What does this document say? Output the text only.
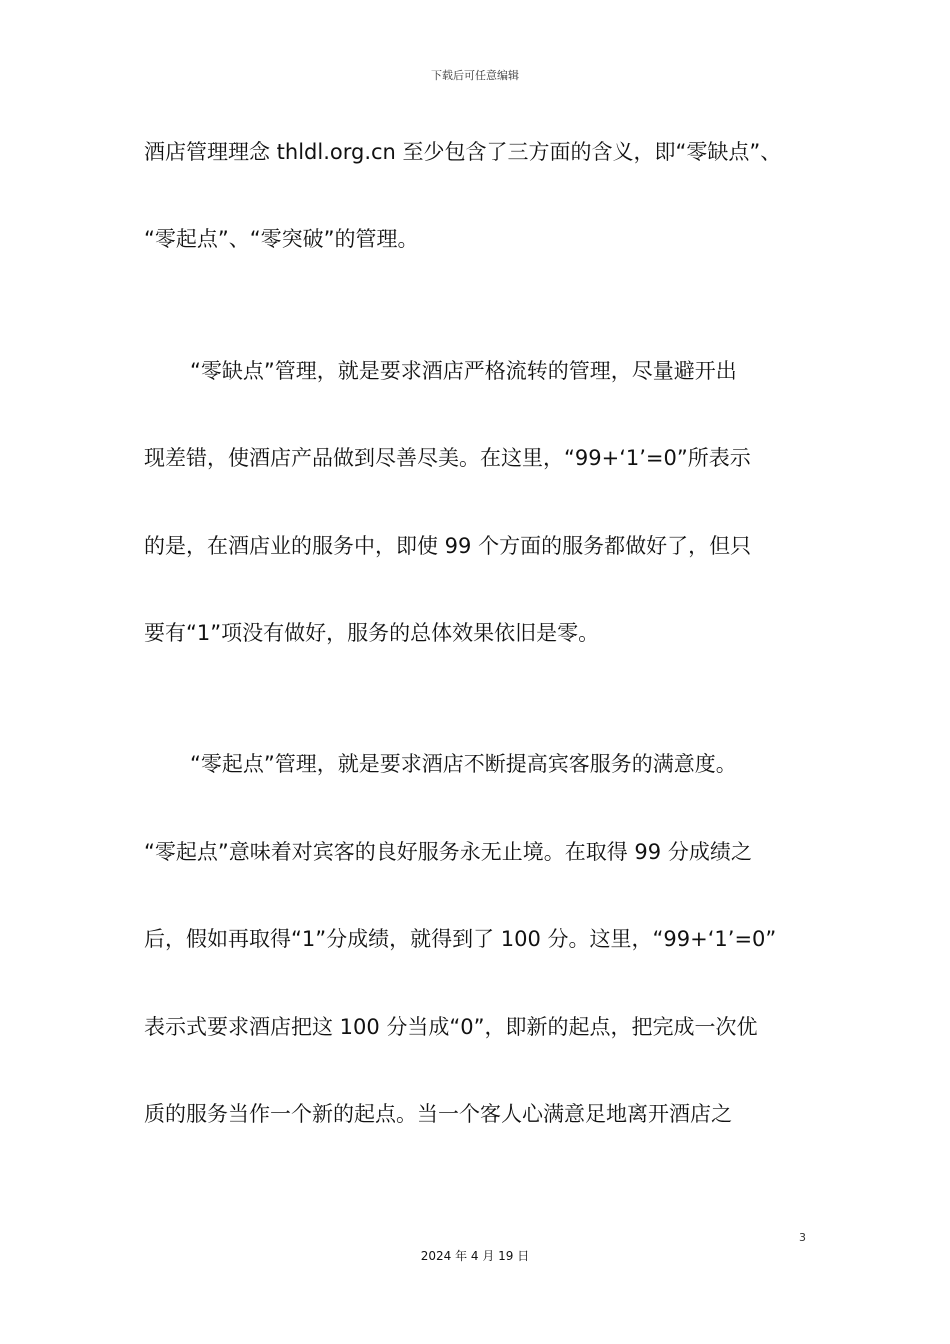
下载后可任意编辑
酒店管理理念 thldl.org.cn 至少包含了三方面的含义，即“零缺点”、
“零起点”、“零突破”的管理。
“零缺点”管理，就是要求酒店严格流转的管理，尽量避开出
现差错，使酒店产品做到尽善尽美。在这里，“99+‘1’=0”所表示
的是，在酒店业的服务中，即使 99 个方面的服务都做好了，但只
要有“1”项没有做好，服务的总体效果依旧是零。
“零起点”管理，就是要求酒店不断提高宾客服务的满意度。
“零起点”意味着对宾客的良好服务永无止境。在取得 99 分成绩之
后，假如再取得“1”分成绩，就得到了 100 分。这里，“99+‘1’=0”
表示式要求酒店把这 100 分当成“0”，即新的起点，把完成一次优
质的服务当作一个新的起点。当一个客人心满意足地离开酒店之
3
2024 年 4 月 19 日
